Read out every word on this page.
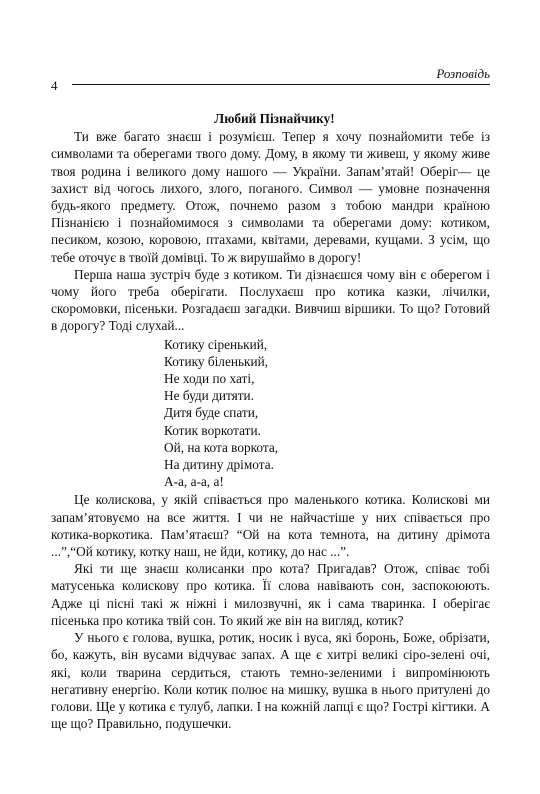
4
Розповідь

Любий Пізнайчику!

Ти вже багато знаєш і розумієш. Тепер я хочу познайомити тебе із символами та оберегами твого дому. Дому, в якому ти живеш, у якому живе твоя родина і великого дому нашого — України. Запам’ятай! Оберіг— це захист від чогось лихого, злого, поганого. Символ — умовне позначення будь-якого предмету. Отож, почнемо разом з тобою мандри країною Пізнанією і познайомимося з символами та оберегами дому: котиком, песиком, козою, коровою, птахами, квітами, деревами, кущами. З усім, що тебе оточує в твоїй домівці. То ж вирушаймо в дорогу!

Перша наша зустріч буде з котиком. Ти дізнаєшся чому він є оберегом і чому його треба оберігати. Послухаєш про котика казки, лічилки, скоромовки, пісеньки. Розгадаєш загадки. Вивчиш віршики. То що? Готовий в дорогу? Тоді слухай...

Котику сіренький,
Котику біленький,
Не ходи по хаті,
Не буди дитяти.
Дитя буде спати,
Котик воркотати.
Ой, на кота воркота,
На дитину дрімота.
А-а, а-а, а!

Це колискова, у якій співається про маленького котика. Колискові ми запам’ятовуємо на все життя. І чи не найчастіше у них співається про котика-воркотика. Пам’ятаєш? “Ой на кота темнота, на дитину дрімота ...”,“Ой котику, котку наш, не йди, котику, до нас ...”.

Які ти ще знаєш колисанки про кота? Пригадав? Отож, співає тобі матусенька колискову про котика. Її слова навівають сон, заспокоюють. Адже ці пісні такі ж ніжні і милозвучні, як і сама тваринка. І оберігає пісенька про котика твій сон. То який же він на вигляд, котик?

У нього є голова, вушка, ротик, носик і вуса, які боронь, Боже, обрізати, бо, кажуть, він вусами відчуває запах. А ще є хитрі великі сіро-зелені очі, які, коли тварина сердиться, стають темно-зеленими і випромінюють негативну енергію. Коли котик полює на мишку, вушка в нього притулені до голови. Ще у котика є тулуб, лапки. І на кожній лапці є що? Гострі кігтики. А ще що? Правильно, подушечки.
